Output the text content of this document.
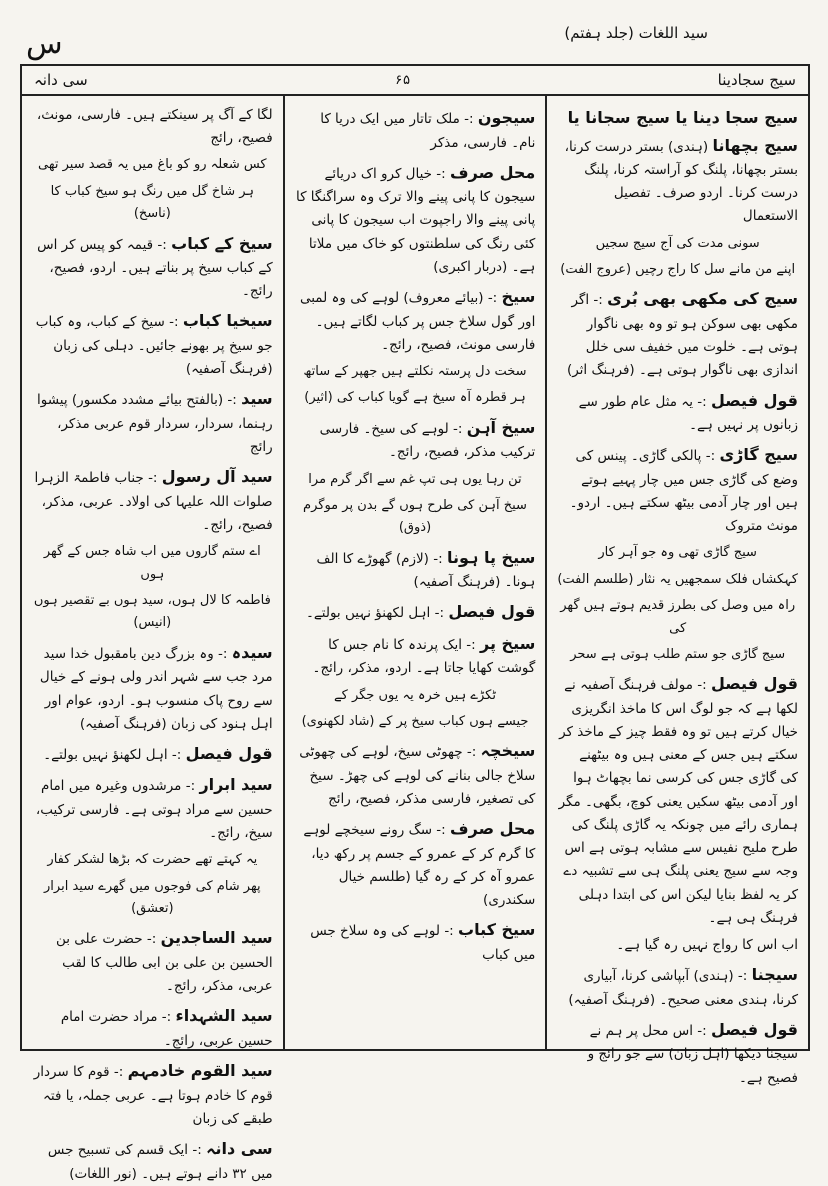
س	سید اللغات (جلد ہفتم)
سیج سجادینا
۶۵
سی دانہ
سیج سجا دینا یا سیج سجانا یا سیج بچھانا (ہندی) بستر درست کرنا، بستر بچھانا، پلنگ کو آراستہ کرنا، پلنگ درست کرنا۔ اردو صرف۔ تفصیل الاستعمال
سونی مدت کی آج سیج سجیں
اپنے من مانے سل کا راج رچیں (عروج الفت)
سیج کی مکھی بھی بُری :- اگر مکھی بھی سوکن ہو تو وہ بھی ناگوار ہوتی ہے۔ خلوت میں خفیف سی خلل اندازی بھی ناگوار ہوتی ہے۔ (فرہنگ اثر)
قول فیصل :- یہ مثل عام طور سے زبانوں پر نہیں ہے۔
سیج گاڑی :- پالکی گاڑی۔ پینس کی وضع کی گاڑی جس میں چار پہیے ہوتے ہیں اور چار آدمی بیٹھ سکتے ہیں۔ اردو۔ مونث متروک
سیج گاڑی تھی وہ جو آہر کار
کہکشاں فلک سمجھیں یہ نثار (طلسم الفت)
راہ میں وصل کی بطرز قدیم ہوتے ہیں گھر کی
سیج گاڑی جو ستم طلب ہوتی ہے سحر
قول فیصل :- مولف فرہنگ آصفیہ نے لکھا ہے کہ جو لوگ اس کا ماخذ انگریزی خیال کرتے ہیں تو وہ فقط چیز کے ماخذ کر سکتے ہیں جس کے معنی ہیں وہ بیٹھنے کی گاڑی جس کی کرسی نما بچھاٹ ہوا اور آدمی بیٹھ سکیں یعنی کوچ، بگھی۔ مگر ہماری رائے میں چونکہ یہ گاڑی پلنگ کی طرح ملیح نفیس سے مشابہ ہوتی ہے اس وجہ سے سیج یعنی پلنگ ہی سے تشبیہ دے کر یہ لفظ بنایا لیکن اس کی ابتدا دہلی فرہنگ ہی ہے۔
اب اس کا رواج نہیں رہ گیا ہے۔
سیجنا :- (ہندی) آبپاشی کرنا، آبیاری کرنا، ہندی معنی صحیح۔ (فرہنگ آصفیہ)
قول فیصل :- اس محل پر ہم نے سیجنا دیکھا (اہل زبان) سے جو رائج و فصیح ہے۔
سیجون :- ملک تاتار میں ایک دریا کا نام۔ فارسی، مذکر
محل صرف :- خیال کرو اک دریائے سیجون کا پانی پینے والا ترک وہ سراگنگا کا پانی پینے والا راجپوت اب سیجون کا پانی کئی رنگ کی سلطنتوں کو خاک میں ملاتا ہے۔ (دربار اکبری)
سیخ :- (بیائے معروف) لوہے کی وہ لمبی اور گول سلاخ جس پر کباب لگاتے ہیں۔ فارسی مونث، فصیح، رائج۔
سخت دل پرستہ نکلتے ہیں جھپر کے ساتھ
ہر قطرہ آہ سیخ ہے گویا کباب کی (اثیر)
سیخ آہن :- لوہے کی سیخ۔ فارسی ترکیب مذکر، فصیح، رائج۔
تن رہا یوں ہی تپ غم سے اگر گرم مرا
سیخ آہن کی طرح ہوں گے بدن پر موگرم (ذوق)
سیخ پا ہونا :- (لازم) گھوڑے کا الف ہونا۔ (فرہنگ آصفیہ)
قول فیصل :- اہل لکھنؤ نہیں بولتے۔
سیخ پر :- ایک پرندہ کا نام جس کا گوشت کھایا جاتا ہے۔ اردو، مذکر، رائج۔
ٹکڑے ہیں خرہ یہ یوں جگر کے
جیسے ہوں کباب سیخ پر کے (شاد لکھنوی)
سیخچہ :- چھوٹی سیخ، لوہے کی چھوٹی سلاخ جالی بنانے کی لوہے کی چھڑ۔ سیخ کی تصغیر، فارسی مذکر، فصیح، رائج
محل صرف :- سگ رونے سیخچے لوہے کا گرم کر کے عمرو کے جسم پر رکھ دیا، عمرو آہ کر کے رہ گیا (طلسم خیال سکندری)
سیخ کباب :- لوہے کی وہ سلاخ جس میں کباب
لگا کے آگ پر سینکتے ہیں۔ فارسی، مونث، فصیح، رائج
کس شعلہ رو کو باغ میں یہ قصد سیر تھی
ہر شاخ گل میں رنگ ہو سیخ کباب کا (ناسخ)
سیخ کے کباب :- قیمہ کو پیس کر اس کے کباب سیخ پر بناتے ہیں۔ اردو، فصیح، رائج۔
سیخیا کباب :- سیخ کے کباب، وہ کباب جو سیخ پر بھونے جائیں۔ دہلی کی زبان (فرہنگ آصفیہ)
سید :- (بالفتح بیائے مشدد مکسور) پیشوا رہنما، سردار، سردار قوم عربی مذکر، رائج
سید آل رسول :- جناب فاطمۃ الزہرا صلوات اللہ علیہا کی اولاد۔ عربی، مذکر، فصیح، رائج۔
اے ستم گاروں میں اب شاہ جس کے گھر ہوں
فاطمہ کا لال ہوں، سید ہوں بے تقصیر ہوں (انیس)
سیدہ :- وہ بزرگ دین بامقبول خدا سید مرد جب سے شہر اندر ولی ہونے کے خیال سے روح پاک منسوب ہو۔ اردو، عوام اور اہل ہنود کی زبان (فرہنگ آصفیہ)
قول فیصل :- اہل لکھنؤ نہیں بولتے۔
سید ابرار :- مرشدوں وغیرہ میں امام حسین سے مراد ہوتی ہے۔ فارسی ترکیب، سیخ، رائج۔
یہ کہتے تھے حضرت کہ بڑھا لشکر کفار
پھر شام کی فوجوں میں گھرے سید ابرار (تعشق)
سید الساجدین :- حضرت علی بن الحسین بن علی بن ابی طالب کا لقب عربی، مذکر، رائج۔
سید الشہداء :- مراد حضرت امام حسین عربی، رائج۔
سید القوم خادمہم :- قوم کا سردار قوم کا خادم ہوتا ہے۔ عربی جملہ، یا فتہ طبقے کی زبان
سی دانہ :- ایک قسم کی تسبیح جس میں ۳۲ دانے ہوتے ہیں۔ (نور اللغات)
